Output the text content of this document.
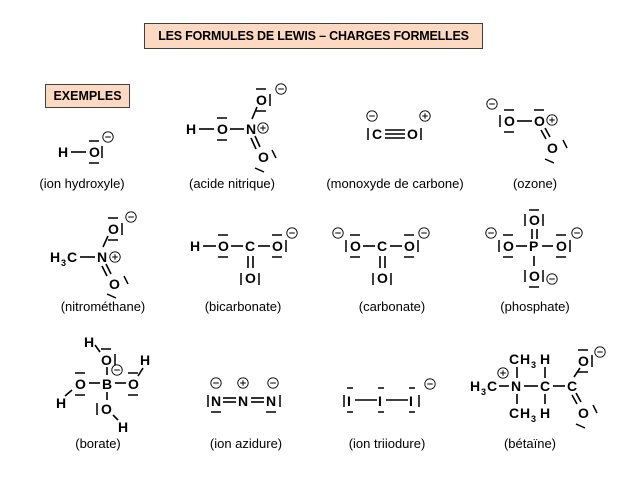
LES FORMULES DE LEWIS – CHARGES FORMELLES
EXEMPLES
(ion hydroxyle)	(acide nitrique)	(monoxyde de carbone)	(ozone)
(nitrométhane)	(bicarbonate)	(carbonate)	(phosphate)
(borate)	(ion azidure)	(ion triiodure)	(bétaïne)
H O
H O N
O
O
C O
O O
O
H 3 C N
O
O
H O C O
O
O C O
O
O
O P O
O
H
O
B
O
H
O
H
O
H
N N N	I I I
C H 3 H
H 3 C N C C
C H 3 H
O
O
